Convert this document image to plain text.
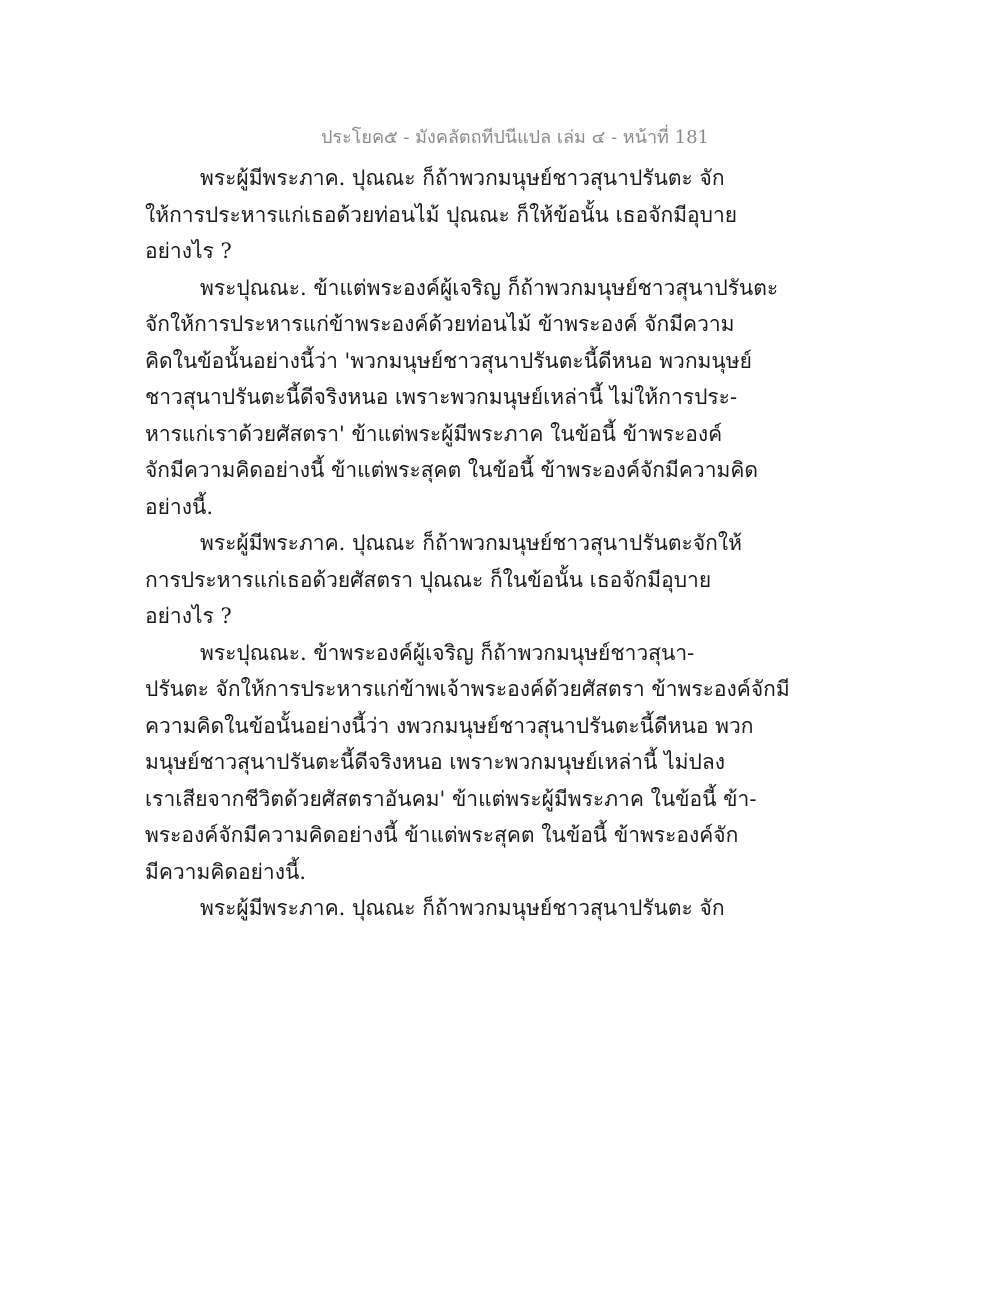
ประโยค๕ - มังคลัตถทีปนีแปล เล่ม ๔ - หน้าที่ 181
พระผู้มีพระภาค. ปุณณะ ก็ถ้าพวกมนุษย์ชาวสุนาปรันตะ จัก
ให้การประหารแก่เธอด้วยท่อนไม้ ปุณณะ ก็ให้ข้อนั้น เธอจักมีอุบาย
อย่างไร ?
พระปุณณะ. ข้าแต่พระองค์ผู้เจริญ ก็ถ้าพวกมนุษย์ชาวสุนาปรันตะ
จักให้การประหารแก่ข้าพระองค์ด้วยท่อนไม้ ข้าพระองค์ จักมีความ
คิดในข้อนั้นอย่างนี้ว่า 'พวกมนุษย์ชาวสุนาปรันตะนี้ดีหนอ พวกมนุษย์
ชาวสุนาปรันตะนี้ดีจริงหนอ เพราะพวกมนุษย์เหล่านี้ ไม่ให้การประ-
หารแก่เราด้วยศัสตรา' ข้าแต่พระผู้มีพระภาค ในข้อนี้ ข้าพระองค์
จักมีความคิดอย่างนี้ ข้าแต่พระสุคต ในข้อนี้ ข้าพระองค์จักมีความคิด
อย่างนี้.
พระผู้มีพระภาค. ปุณณะ ก็ถ้าพวกมนุษย์ชาวสุนาปรันตะจักให้
การประหารแก่เธอด้วยศัสตรา ปุณณะ ก็ในข้อนั้น เธอจักมีอุบาย
อย่างไร ?
พระปุณณะ. ข้าพระองค์ผู้เจริญ ก็ถ้าพวกมนุษย์ชาวสุนา-
ปรันตะ จักให้การประหารแก่ข้าพเจ้าพระองค์ด้วยศัสตรา ข้าพระองค์จักมี
ความคิดในข้อนั้นอย่างนี้ว่า งพวกมนุษย์ชาวสุนาปรันตะนี้ดีหนอ พวก
มนุษย์ชาวสุนาปรันตะนี้ดีจริงหนอ เพราะพวกมนุษย์เหล่านี้ ไม่ปลง
เราเสียจากชีวิตด้วยศัสตราอันคม' ข้าแต่พระผู้มีพระภาค ในข้อนี้ ข้า-
พระองค์จักมีความคิดอย่างนี้ ข้าแต่พระสุคต ในข้อนี้ ข้าพระองค์จัก
มีความคิดอย่างนี้.
พระผู้มีพระภาค. ปุณณะ ก็ถ้าพวกมนุษย์ชาวสุนาปรันตะ จัก
